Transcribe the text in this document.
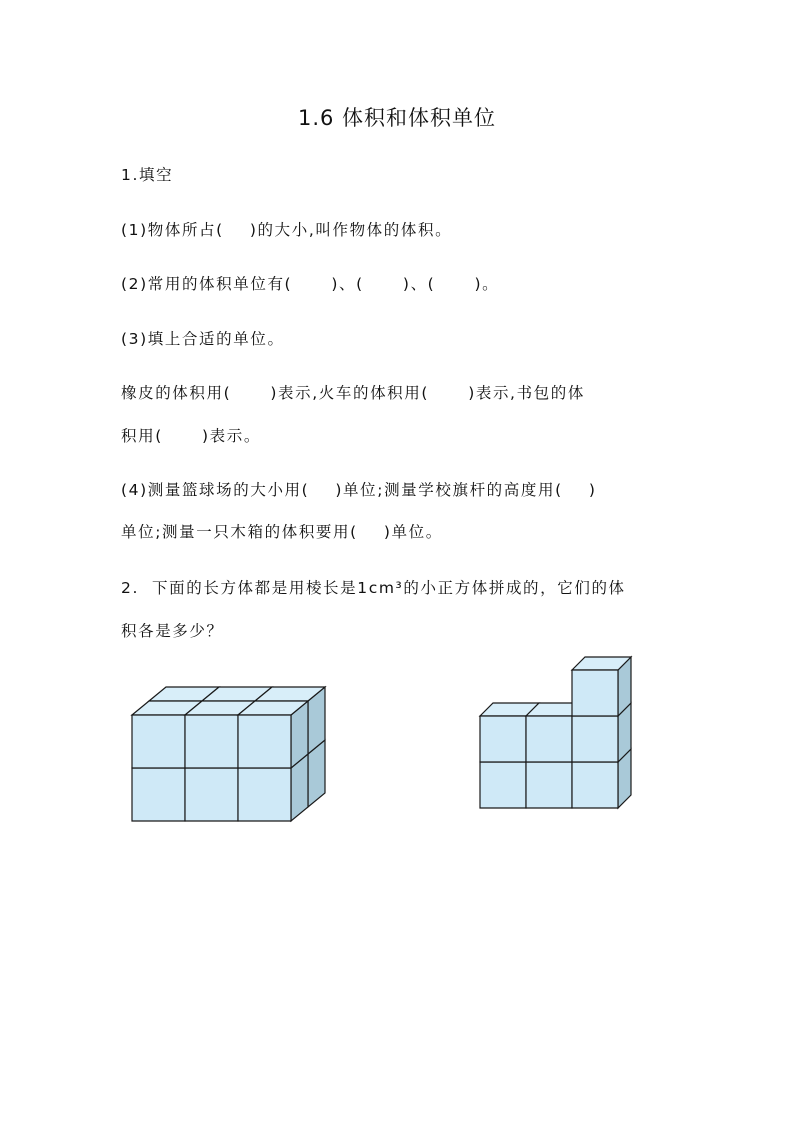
1.6 体积和体积单位
1.填空
(1)物体所占(    )的大小,叫作物体的体积。
(2)常用的体积单位有(      )、(      )、(      )。
(3)填上合适的单位。
橡皮的体积用(      )表示,火车的体积用(      )表示,书包的体
积用(      )表示。
(4)测量篮球场的大小用(    )单位;测量学校旗杆的高度用(    )
单位;测量一只木箱的体积要用(    )单位。
2.  下面的长方体都是用棱长是1cm³的小正方体拼成的，它们的体
积各是多少？
